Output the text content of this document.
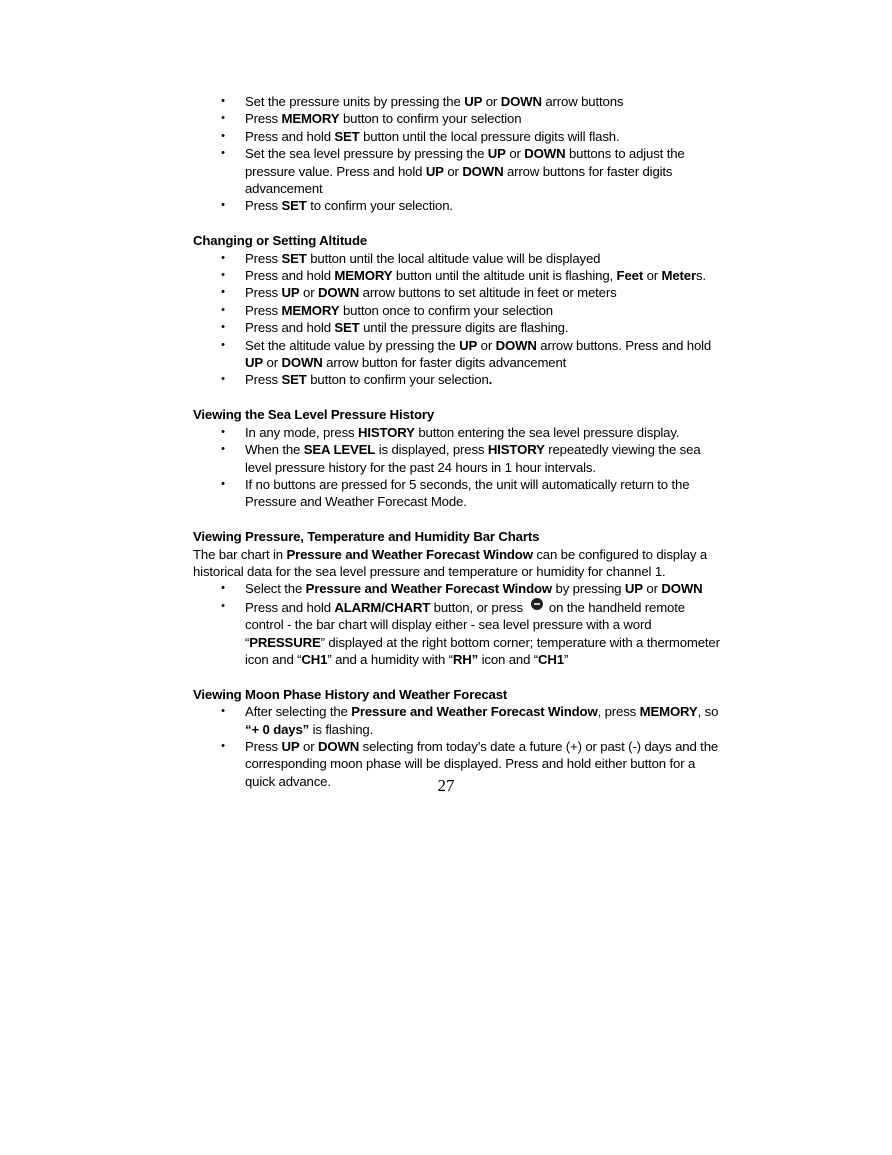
• Set the pressure units by pressing the UP or DOWN arrow buttons
• Press MEMORY button to confirm your selection
• Press and hold SET button until the local pressure digits will flash.
• Set the sea level pressure by pressing the UP or DOWN buttons to adjust the pressure value. Press and hold UP or DOWN arrow buttons for faster digits advancement
• Press SET to confirm your selection.

Changing or Setting Altitude

• Press SET button until the local altitude value will be displayed
• Press and hold MEMORY button until the altitude unit is flashing, Feet or Meters.
• Press UP or DOWN arrow buttons to set altitude in feet or meters
• Press MEMORY button once to confirm your selection
• Press and hold SET until the pressure digits are flashing.
• Set the altitude value by pressing the UP or DOWN arrow buttons. Press and hold UP or DOWN arrow button for faster digits advancement
• Press SET button to confirm your selection.

Viewing the Sea Level Pressure History

• In any mode, press HISTORY button entering the sea level pressure display.
• When the SEA LEVEL is displayed, press HISTORY repeatedly viewing the sea level pressure history for the past 24 hours in 1 hour intervals.
• If no buttons are pressed for 5 seconds, the unit will automatically return to the Pressure and Weather Forecast Mode.

Viewing Pressure, Temperature and Humidity Bar Charts

The bar chart in Pressure and Weather Forecast Window can be configured to display a historical data for the sea level pressure and temperature or humidity for channel 1.

• Select the Pressure and Weather Forecast Window by pressing UP or DOWN
• Press and hold ALARM/CHART button, or press on the handheld remote control - the bar chart will display either - sea level pressure with a word “PRESSURE” displayed at the right bottom corner; temperature with a thermometer icon and “CH1” and a humidity with “RH” icon and “CH1”

Viewing Moon Phase History and Weather Forecast

• After selecting the Pressure and Weather Forecast Window, press MEMORY, so “+ 0 days” is flashing.
• Press UP or DOWN selecting from today’s date a future (+) or past (-) days and the corresponding moon phase will be displayed. Press and hold either button for a quick advance.	27
